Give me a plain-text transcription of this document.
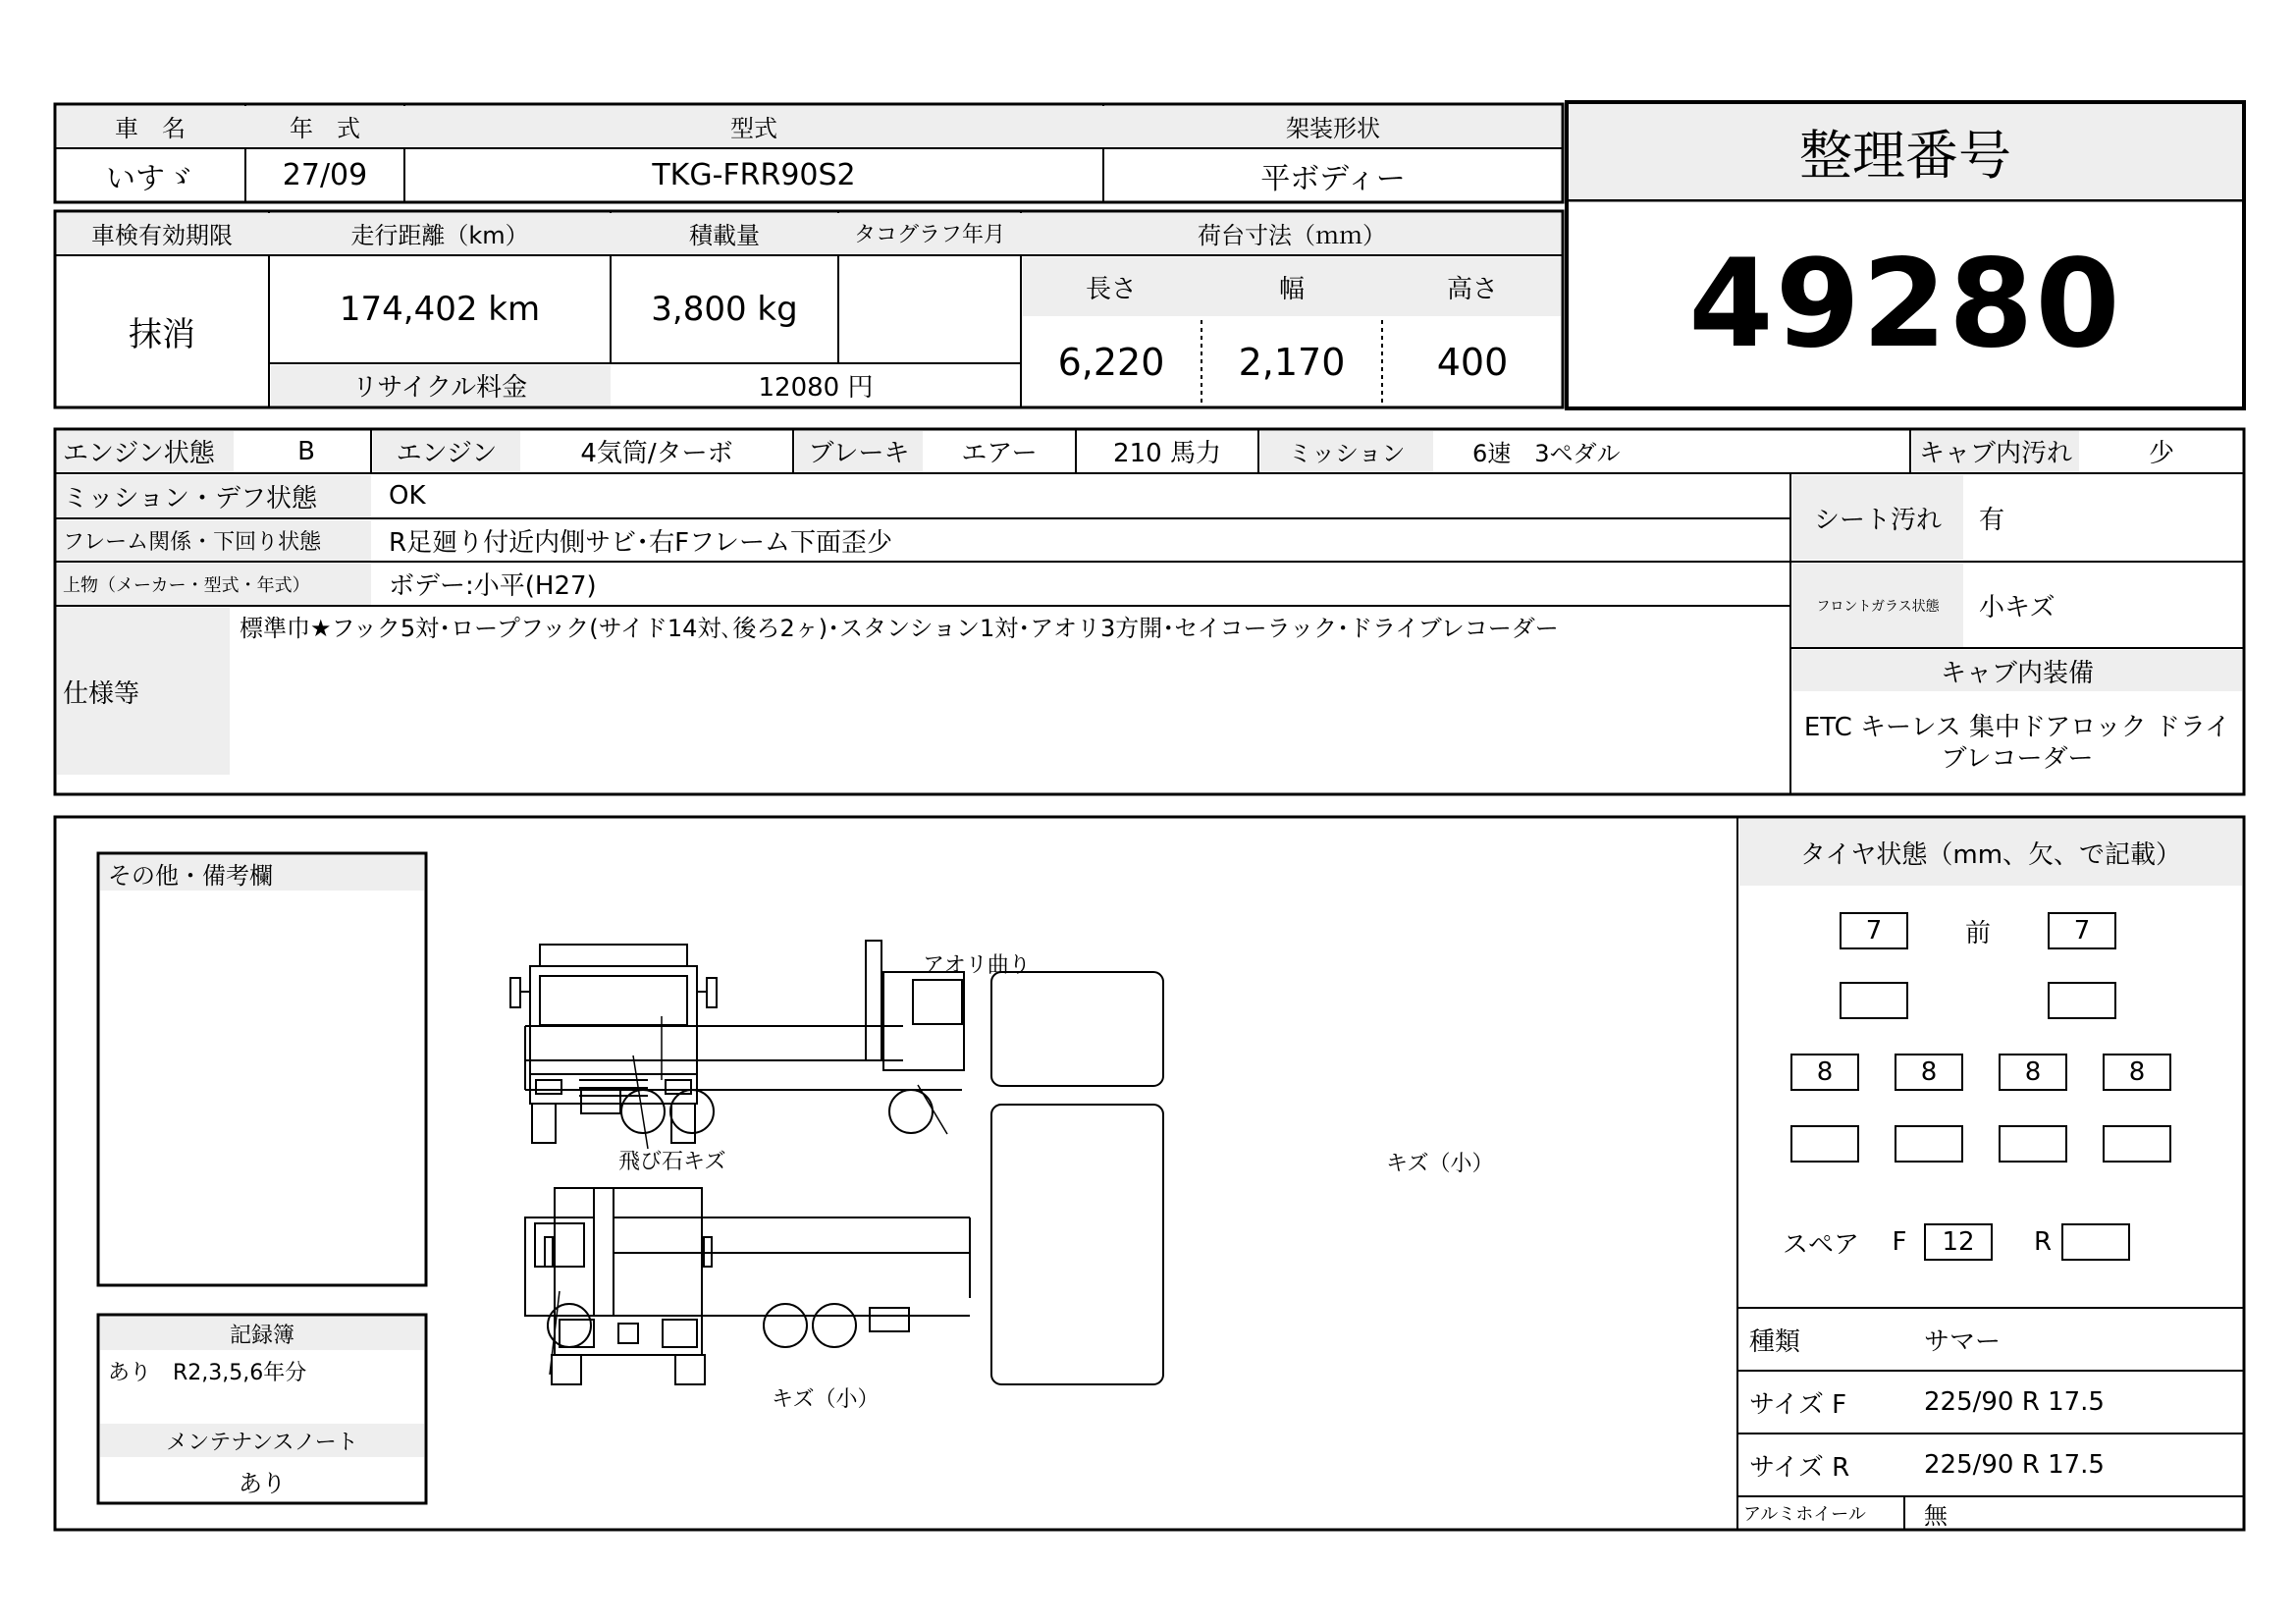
車　名	年　式	型式	架装形状
いすゞ	27/09	TKG-FRR90S2	平ボディー
車検有効期限	走行距離（km）	積載量	タコグラフ年月	荷台寸法（ｍｍ）
抹消
174,402 km	3,800 kg
リサイクル料金	12080 円
長さ	幅	高さ
6,220	2,170	400
整理番号
49280
エンジン状態	B	エンジン	4気筒/ターボ	ブレーキ	エアー	210 馬力	ミッション	6速　3ペダル	キャブ内汚れ	少
ミッション・デフ状態	OK
フレーム関係・下回り状態	R足廻り付近内側サビ･右Fフレーム下面歪少
上物（メーカー・型式・年式）	ボデー:小平(H27)
仕様等
標準巾★フック5対･ロープフック(サイド14対､後ろ2ヶ)･スタンション1対･アオリ3方開･セイコーラック･ドライブレコーダー
シート汚れ	有
フロントガラス状態	小キズ
キャブ内装備
ETC キーレス 集中ドアロック ドライブレコーダー
その他・備考欄
記録簿
あり　R2,3,5,6年分
メンテナンスノート
あり
アオリ曲り
飛び石キズ	キズ（小）
キズ（小）
タイヤ状態（mm、欠、で記載）
7	前	7
8	8	8	8
スペア F	12	R
種類	サマー
サイズ F	225/90 R 17.5
サイズ R	225/90 R 17.5
アルミホイール	無
